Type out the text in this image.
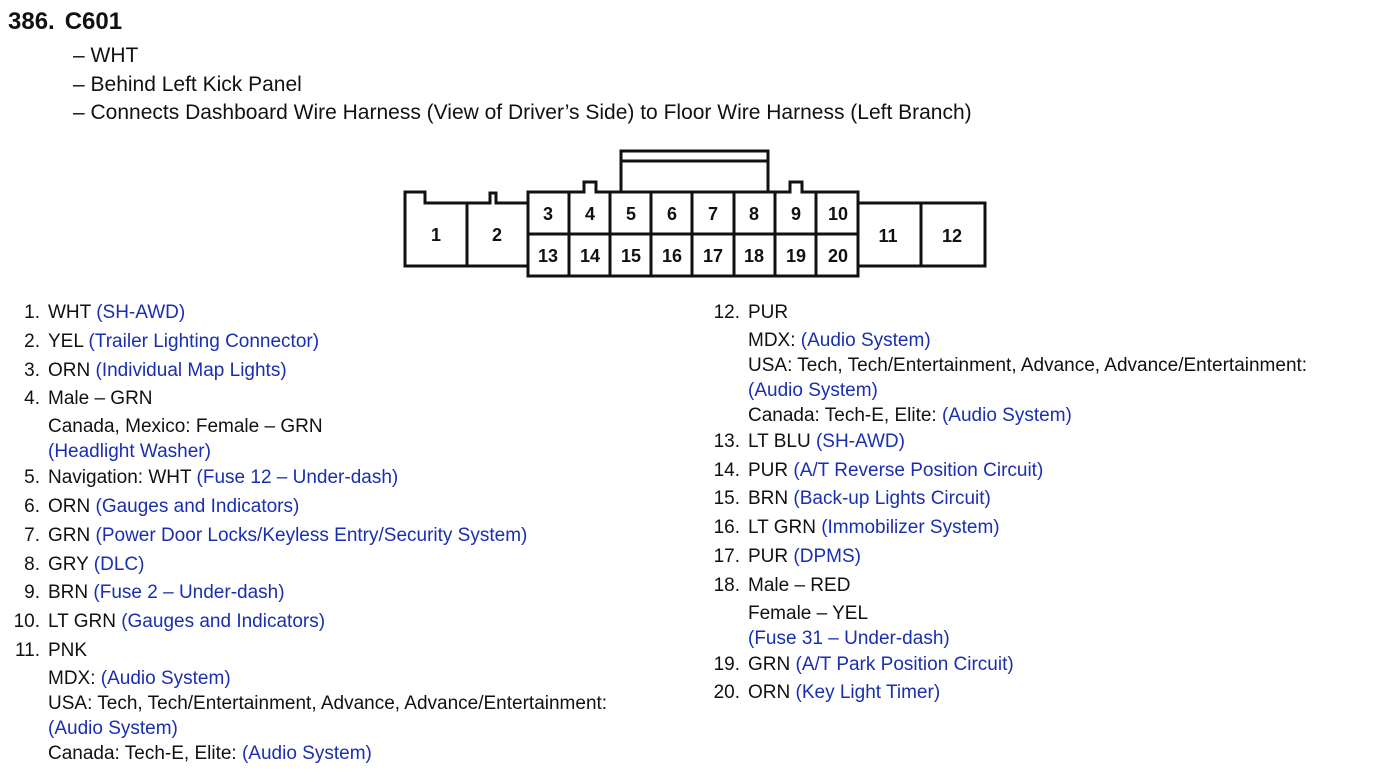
386. C601
– WHT
– Behind Left Kick Panel
– Connects Dashboard Wire Harness (View of Driver’s Side) to Floor Wire Harness (Left Branch)
1	2	11 12
3 4 5 6 7 8 9 10
13 14 15 16 17 18 19 20
1. WHT (SH-AWD)
2. YEL (Trailer Lighting Connector)
3. ORN (Individual Map Lights)
4. Male – GRN
Canada, Mexico: Female – GRN
(Headlight Washer)
5. Navigation: WHT (Fuse 12 – Under-dash)
6. ORN (Gauges and Indicators)
7. GRN (Power Door Locks/Keyless Entry/Security System)
8. GRY (DLC)
9. BRN (Fuse 2 – Under-dash)
10. LT GRN (Gauges and Indicators)
11. PNK
MDX: (Audio System)
USA: Tech, Tech/Entertainment, Advance, Advance/Entertainment:
(Audio System)
Canada: Tech-E, Elite: (Audio System)
12. PUR
MDX: (Audio System)
USA: Tech, Tech/Entertainment, Advance, Advance/Entertainment:
(Audio System)
Canada: Tech-E, Elite: (Audio System)
13. LT BLU (SH-AWD)
14. PUR (A/T Reverse Position Circuit)
15. BRN (Back-up Lights Circuit)
16. LT GRN (Immobilizer System)
17. PUR (DPMS)
18. Male – RED
Female – YEL
(Fuse 31 – Under-dash)
19. GRN (A/T Park Position Circuit)
20. ORN (Key Light Timer)
